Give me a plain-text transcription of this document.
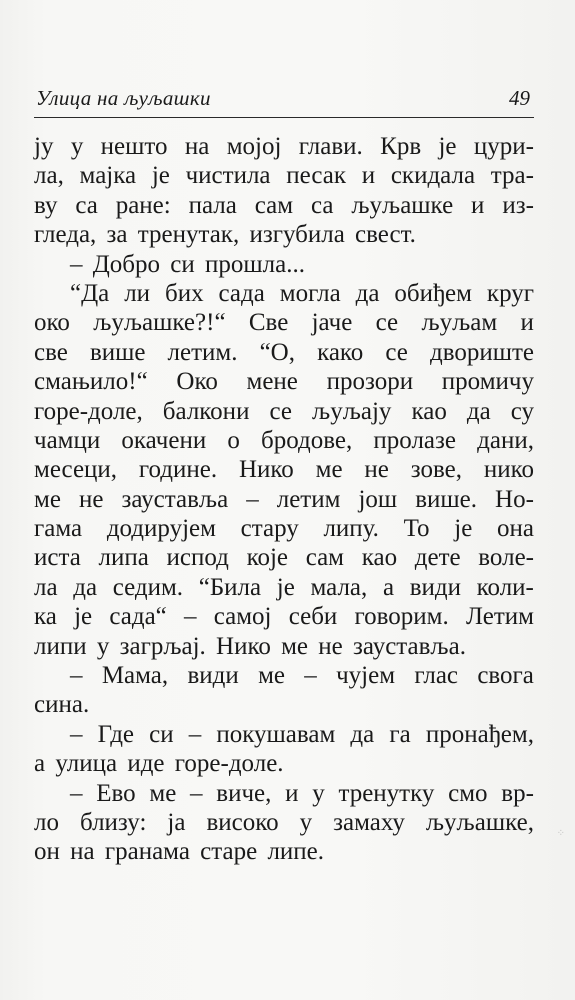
Улица на љуљашки	49
ју у нешто на мојој глави. Крв је цури-
ла, мајка је чистила песак и скидала тра-
ву са ране: пала сам са љуљашке и из-
гледа, за тренутак, изгубила свест.
– Добро си прошла...
“Да ли бих сада могла да обиђем круг
око љуљашке?!“ Све јаче се љуљам и
све више летим. “О, како се двориште
смањило!“ Око мене прозори промичу
горе-доле, балкони се љуљају као да су
чамци окачени о бродове, пролазе дани,
месеци, године. Нико ме не зове, нико
ме не зауставља – летим још више. Но-
гама додирујем стару липу. То је она
иста липа испод које сам као дете воле-
ла да седим. “Била је мала, а види коли-
ка је сада“ – самој себи говорим. Летим
липи у загрљај. Нико ме не зауставља.
– Мама, види ме – чујем глас свога
сина.
– Где си – покушавам да га пронађем,
а улица иде горе-доле.
– Ево ме – виче, и у тренутку смо вр-
ло близу: ја високо у замаху љуљашке,
он на гранама старе липе.
⁘
